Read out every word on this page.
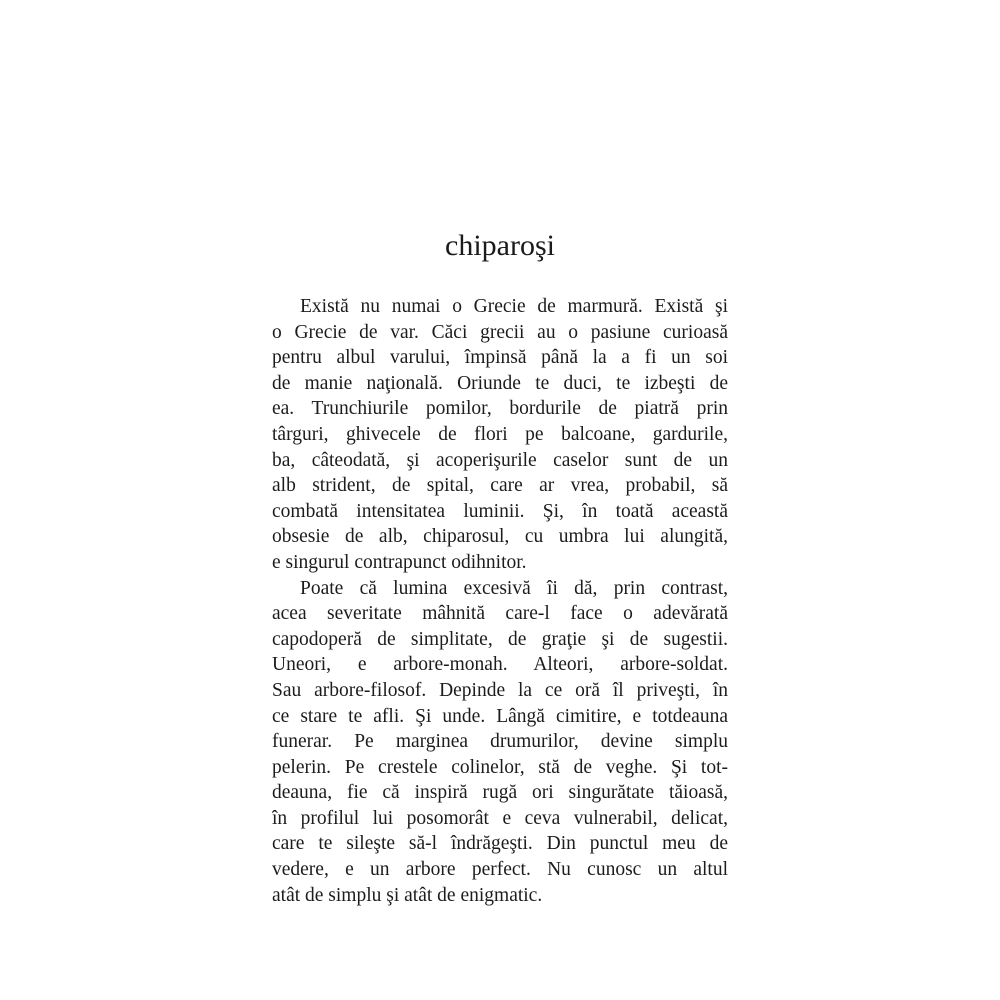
chiparoşi
Există nu numai o Grecie de marmură. Există şi
o Grecie de var. Căci grecii au o pasiune curioasă
pentru albul varului, împinsă până la a fi un soi
de manie naţională. Oriunde te duci, te izbeşti de
ea. Trunchiurile pomilor, bordurile de piatră prin
târguri, ghivecele de flori pe balcoane, gardurile,
ba, câteodată, şi acoperişurile caselor sunt de un
alb strident, de spital, care ar vrea, probabil, să
combată intensitatea luminii. Şi, în toată această
obsesie de alb, chiparosul, cu umbra lui alungită,
e singurul contrapunct odihnitor.
Poate că lumina excesivă îi dă, prin contrast,
acea severitate mâhnită care-l face o adevărată
capodoperă de simplitate, de graţie şi de sugestii.
Uneori, e arbore-monah. Alteori, arbore-soldat.
Sau arbore-filosof. Depinde la ce oră îl priveşti, în
ce stare te afli. Şi unde. Lângă cimitire, e totdeauna
funerar. Pe marginea drumurilor, devine simplu
pelerin. Pe crestele colinelor, stă de veghe. Şi tot-
deauna, fie că inspiră rugă ori singurătate tăioasă,
în profilul lui posomorât e ceva vulnerabil, delicat,
care te sileşte să-l îndrăgeşti. Din punctul meu de
vedere, e un arbore perfect. Nu cunosc un altul
atât de simplu şi atât de enigmatic.
